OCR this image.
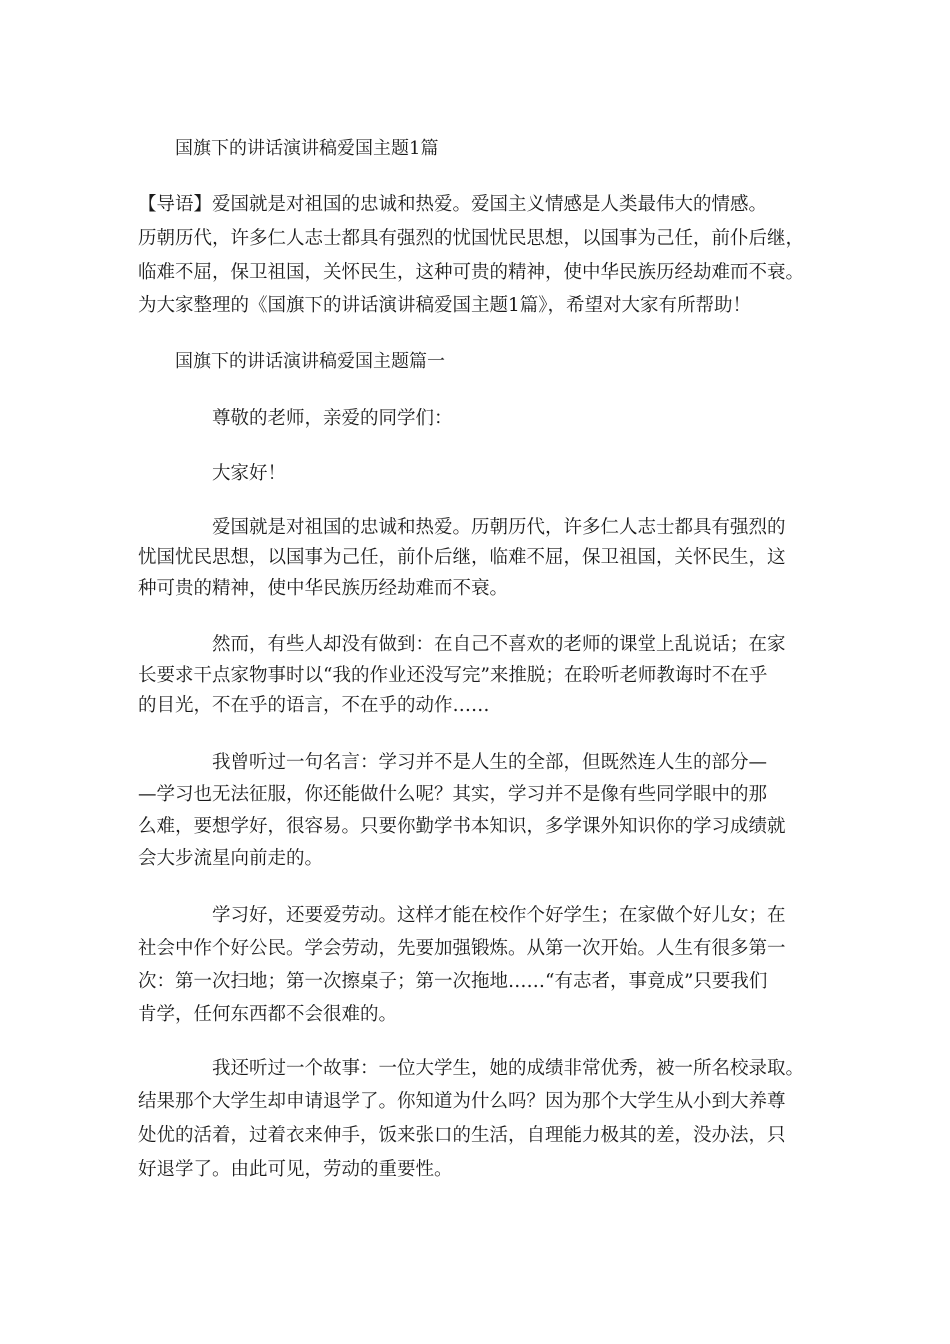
国旗下的讲话演讲稿爱国主题1篇
【导语】爱国就是对祖国的忠诚和热爱。爱国主义情感是人类最伟大的情感。
历朝历代，许多仁人志士都具有强烈的忧国忧民思想，以国事为己任，前仆后继，
临难不屈，保卫祖国，关怀民生，这种可贵的精神，使中华民族历经劫难而不衰。
为大家整理的《国旗下的讲话演讲稿爱国主题1篇》，希望对大家有所帮助！
国旗下的讲话演讲稿爱国主题篇一
尊敬的老师，亲爱的同学们：
大家好！
爱国就是对祖国的忠诚和热爱。历朝历代，许多仁人志士都具有强烈的
忧国忧民思想，以国事为己任，前仆后继，临难不屈，保卫祖国，关怀民生，这
种可贵的精神，使中华民族历经劫难而不衰。
然而，有些人却没有做到：在自己不喜欢的老师的课堂上乱说话；在家
长要求干点家物事时以“我的作业还没写完”来推脱；在聆听老师教诲时不在乎
的目光，不在乎的语言，不在乎的动作……
我曾听过一句名言：学习并不是人生的全部，但既然连人生的部分—
—学习也无法征服，你还能做什么呢？其实，学习并不是像有些同学眼中的那
么难，要想学好，很容易。只要你勤学书本知识，多学课外知识你的学习成绩就
会大步流星向前走的。
学习好，还要爱劳动。这样才能在校作个好学生；在家做个好儿女；在
社会中作个好公民。学会劳动，先要加强锻炼。从第一次开始。人生有很多第一
次：第一次扫地；第一次擦桌子；第一次拖地……“有志者，事竟成”只要我们
肯学，任何东西都不会很难的。
我还听过一个故事：一位大学生，她的成绩非常优秀，被一所名校录取。
结果那个大学生却申请退学了。你知道为什么吗？因为那个大学生从小到大养尊
处优的活着，过着衣来伸手，饭来张口的生活，自理能力极其的差，没办法，只
好退学了。由此可见，劳动的重要性。
